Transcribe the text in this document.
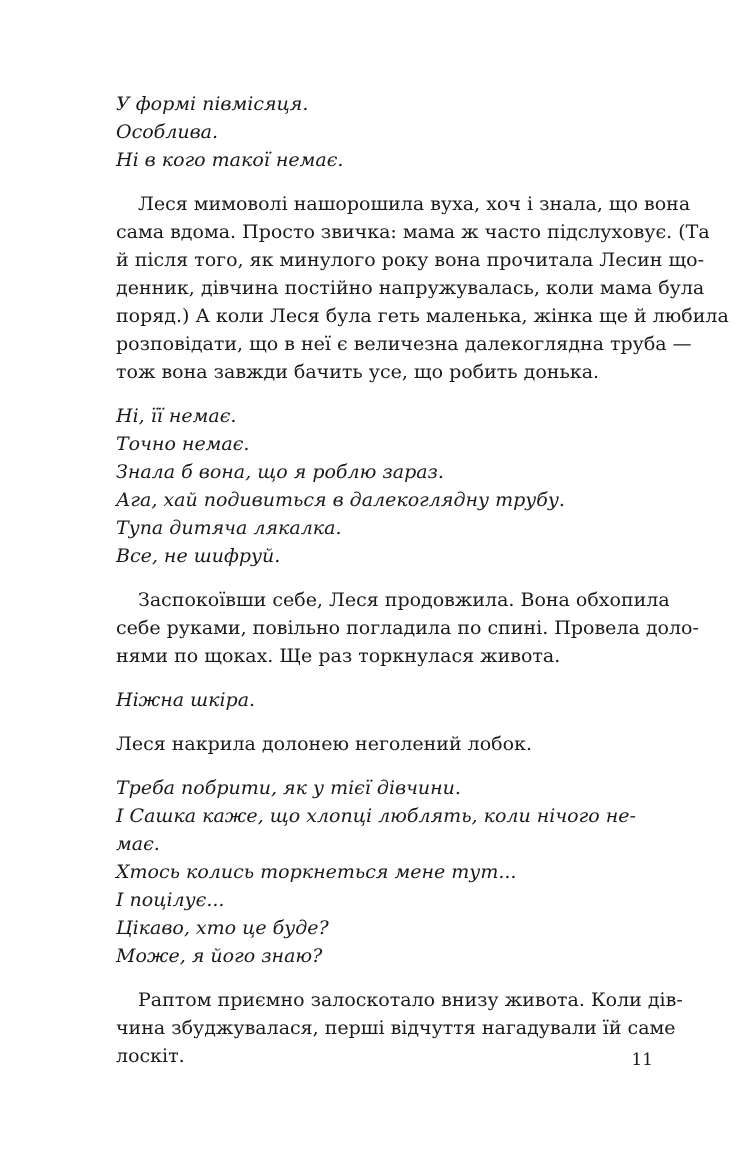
У формі півмісяця.

Особлива.

Ні в кого такої немає.

Леся мимоволі нашорошила вуха, хоч і знала, що вона
сама вдома. Просто звичка: мама ж часто підслуховує. (Та
й після того, як минулого року вона прочитала Лесин що-
денник, дівчина постійно напружувалась, коли мама була
поряд.) А коли Леся була геть маленька, жінка ще й любила
розповідати, що в неї є величезна далекоглядна труба —
тож вона завжди бачить усе, що робить донька.

Ні, її немає.

Точно немає.

Знала б вона, що я роблю зараз.

Ага, хай подивиться в далекоглядну трубу.

Тупа дитяча лякалка.

Все, не шифруй.

Заспокоївши себе, Леся продовжила. Вона обхопила
себе руками, повільно погладила по спині. Провела доло-
нями по щоках. Ще раз торкнулася живота.

Ніжна шкіра.

Леся накрила долонею неголений лобок.

Треба побрити, як у тієї дівчини.

І Сашка каже, що хлопці люблять, коли нічого не-

має.

Хтось колись торкнеться мене тут...

І поцілує...

Цікаво, хто це буде?

Може, я його знаю?

Раптом приємно залоскотало внизу живота. Коли дів-
чина збуджувалася, перші відчуття нагадували їй саме
лоскіт.	11
